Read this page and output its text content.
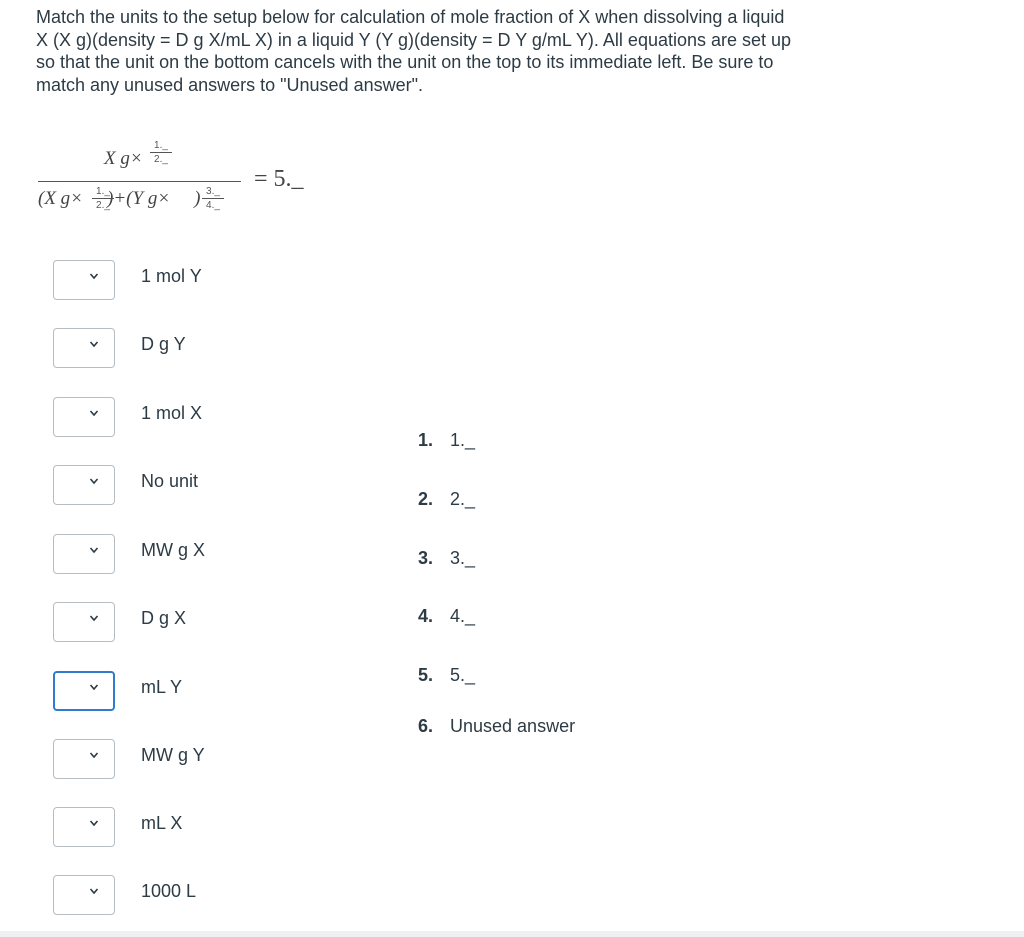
Match the units to the setup below for calculation of mole fraction of X when dissolving a liquid X (X g)(density = D g X/mL X) in a liquid Y (Y g)(density = D Y g/mL Y). All equations are set up so that the unit on the bottom cancels with the unit on the top to its immediate left. Be sure to match any unused answers to "Unused answer".
X g×
1._
2._
(X g× )+(Y g× )
1._
2._
3._
4._
= 5._
1 mol Y
D g Y
1 mol X
No unit
MW g X
D g X
mL Y
MW g Y
mL X
1000 L
1. 1._
2. 2._
3. 3._
4. 4._
5. 5._
6. Unused answer
